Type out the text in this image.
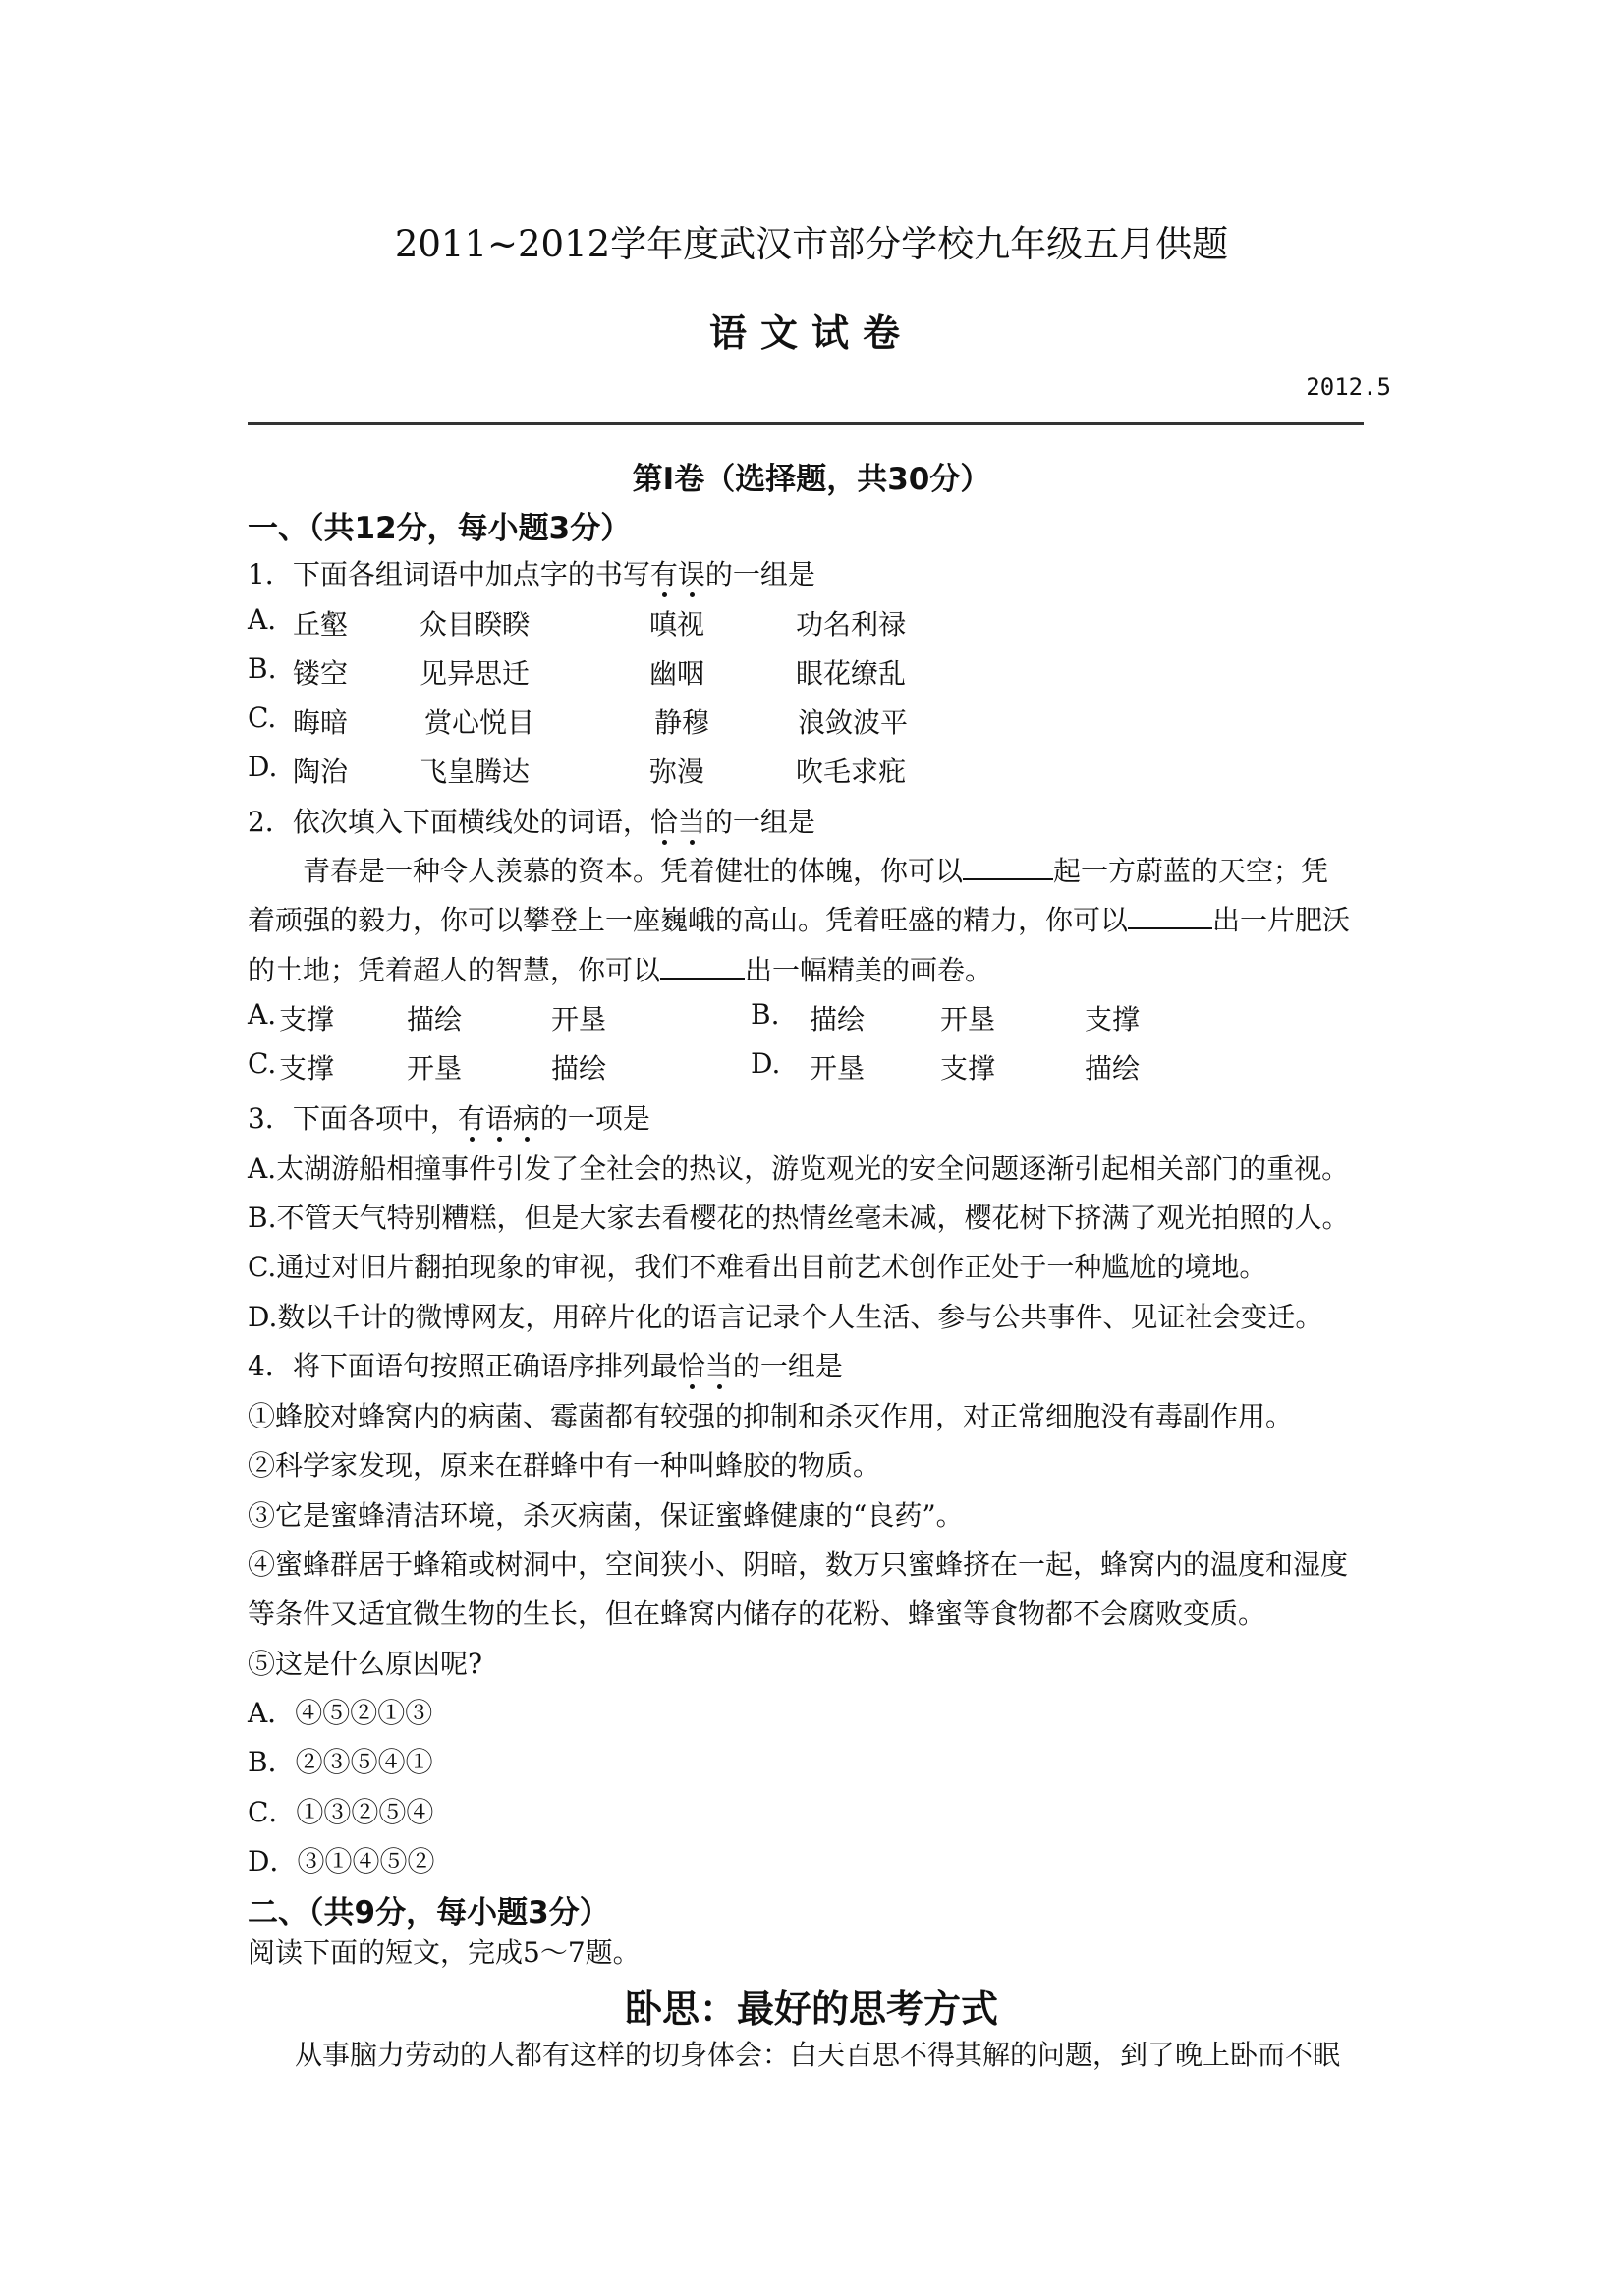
2011~2012学年度武汉市部分学校九年级五月供题
语文试卷
2012.5
第Ⅰ卷（选择题，共30分）
一、（共12分，每小题3分）
1．下面各组词语中加点字的书写有误的一组是
A. 丘壑	众目睽睽	嗔视	功名利禄
B. 镂空	见异思迁	幽咽	眼花缭乱
C. 晦暗	赏心悦目	静穆	浪敛波平
D. 陶治	飞皇腾达	弥漫	吹毛求疪
2．依次填入下面横线处的词语，恰当的一组是
青春是一种令人羡慕的资本。凭着健壮的体魄，你可以	起一方蔚蓝的天空；凭
着顽强的毅力，你可以攀登上一座巍峨的高山。凭着旺盛的精力，你可以	出一片肥沃
的土地；凭着超人的智慧，你可以	出一幅精美的画卷。
A. 支撑	描绘	开垦	B. 描绘	开垦	支撑
C. 支撑	开垦	描绘	D. 开垦	支撑	描绘
3．下面各项中，有语病的一项是
A.太湖游船相撞事件引发了全社会的热议，游览观光的安全问题逐渐引起相关部门的重视。
B.不管天气特别糟糕，但是大家去看樱花的热情丝毫未减，樱花树下挤满了观光拍照的人。
C.通过对旧片翻拍现象的审视，我们不难看出目前艺术创作正处于一种尴尬的境地。
D.数以千计的微博网友，用碎片化的语言记录个人生活、参与公共事件、见证社会变迁。
4．将下面语句按照正确语序排列最恰当的一组是
①蜂胶对蜂窝内的病菌、霉菌都有较强的抑制和杀灭作用，对正常细胞没有毒副作用。
②科学家发现，原来在群蜂中有一种叫蜂胶的物质。
③它是蜜蜂清洁环境，杀灭病菌，保证蜜蜂健康的“良药”。
④蜜蜂群居于蜂箱或树洞中，空间狭小、阴暗，数万只蜜蜂挤在一起，蜂窝内的温度和湿度
等条件又适宜微生物的生长，但在蜂窝内储存的花粉、蜂蜜等食物都不会腐败变质。
⑤这是什么原因呢?
A．④⑤②①③
B．②③⑤④①
C．①③②⑤④
D．③①④⑤②
二、（共9分，每小题3分）
阅读下面的短文，完成5～7题。
卧思：最好的思考方式
从事脑力劳动的人都有这样的切身体会：白天百思不得其解的问题，到了晚上卧而不眠
